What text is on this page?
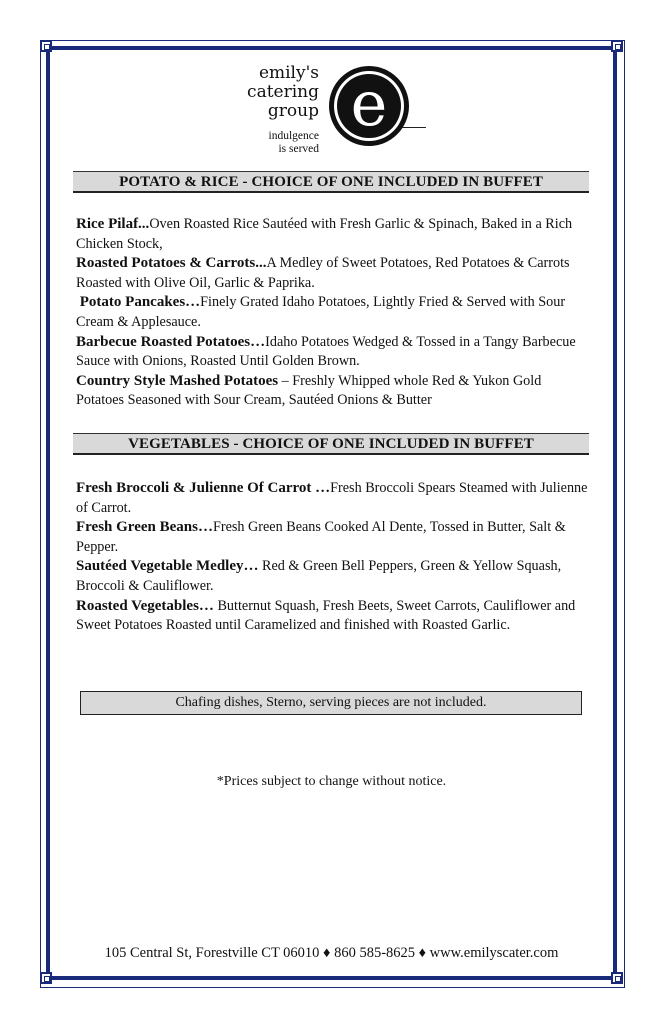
emily's
catering
group
indulgence
is served
e
POTATO & RICE - CHOICE OF ONE INCLUDED IN BUFFET

Rice Pilaf...Oven Roasted Rice Sautéed with Fresh Garlic & Spinach, Baked in a Rich Chicken Stock,

Roasted Potatoes & Carrots...A Medley of Sweet Potatoes, Red Potatoes & Carrots Roasted with Olive Oil, Garlic & Paprika.

Potato Pancakes…Finely Grated Idaho Potatoes, Lightly Fried & Served with Sour Cream & Applesauce.

Barbecue Roasted Potatoes…Idaho Potatoes Wedged & Tossed in a Tangy Barbecue Sauce with Onions, Roasted Until Golden Brown.

Country Style Mashed Potatoes – Freshly Whipped whole Red & Yukon Gold Potatoes Seasoned with Sour Cream, Sautéed Onions & Butter

VEGETABLES - CHOICE OF ONE INCLUDED IN BUFFET

Fresh Broccoli & Julienne Of Carrot …Fresh Broccoli Spears Steamed with Julienne of Carrot.

Fresh Green Beans…Fresh Green Beans Cooked Al Dente, Tossed in Butter, Salt & Pepper.

Sautéed Vegetable Medley… Red & Green Bell Peppers, Green & Yellow Squash, Broccoli & Cauliflower.

Roasted Vegetables… Butternut Squash, Fresh Beets, Sweet Carrots, Cauliflower and Sweet Potatoes Roasted until Caramelized and finished with Roasted Garlic.

Chafing dishes, Sterno, serving pieces are not included.
*Prices subject to change without notice.
105 Central St, Forestville CT 06010 ♦ 860 585-8625 ♦ www.emilyscater.com
